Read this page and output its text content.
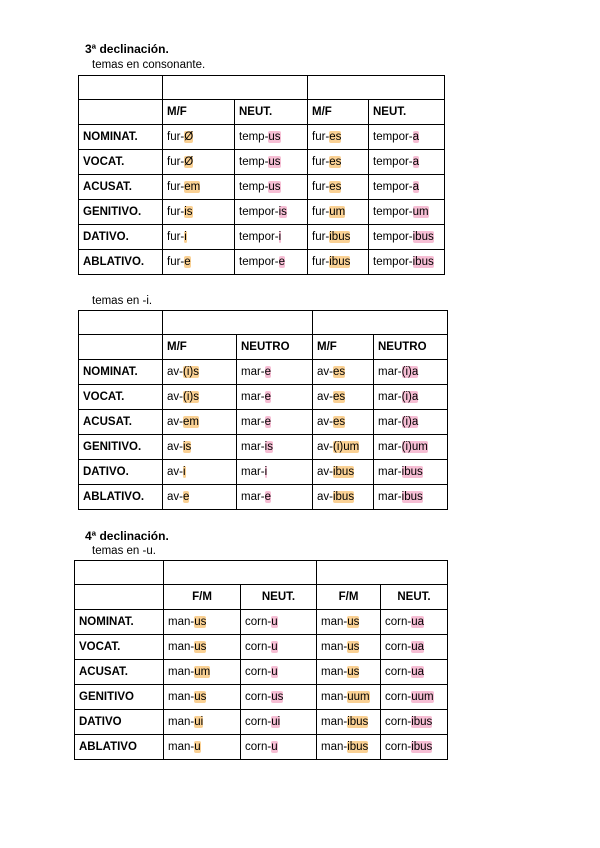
3ª declinación.
temas en consonante.

	M/F	NEUT.	M/F	NEUT.
NOMINAT.	fur-Ø	temp-us	fur-es	tempor-a
VOCAT.	fur-Ø	temp-us	fur-es	tempor-a
ACUSAT.	fur-em	temp-us	fur-es	tempor-a
GENITIVO.	fur-is	tempor-is	fur-um	tempor-um
DATIVO.	fur-i	tempor-i	fur-ibus	tempor-ibus
ABLATIVO.	fur-e	tempor-e	fur-ibus	tempor-ibus
temas en -i.

	M/F	NEUTRO	M/F	NEUTRO
NOMINAT.	av-(i)s	mar-e	av-es	mar-(i)a
VOCAT.	av-(i)s	mar-e	av-es	mar-(i)a
ACUSAT.	av-em	mar-e	av-es	mar-(i)a
GENITIVO.	av-is	mar-is	av-(i)um	mar-(i)um
DATIVO.	av-i	mar-i	av-ibus	mar-ibus
ABLATIVO.	av-e	mar-e	av-ibus	mar-ibus
4ª declinación.
temas en -u.

	F/M	NEUT.	F/M	NEUT.
NOMINAT.	man-us	corn-u	man-us	corn-ua
VOCAT.	man-us	corn-u	man-us	corn-ua
ACUSAT.	man-um	corn-u	man-us	corn-ua
GENITIVO	man-us	corn-us	man-uum	corn-uum
DATIVO	man-ui	corn-ui	man-ibus	corn-ibus
ABLATIVO	man-u	corn-u	man-ibus	corn-ibus
